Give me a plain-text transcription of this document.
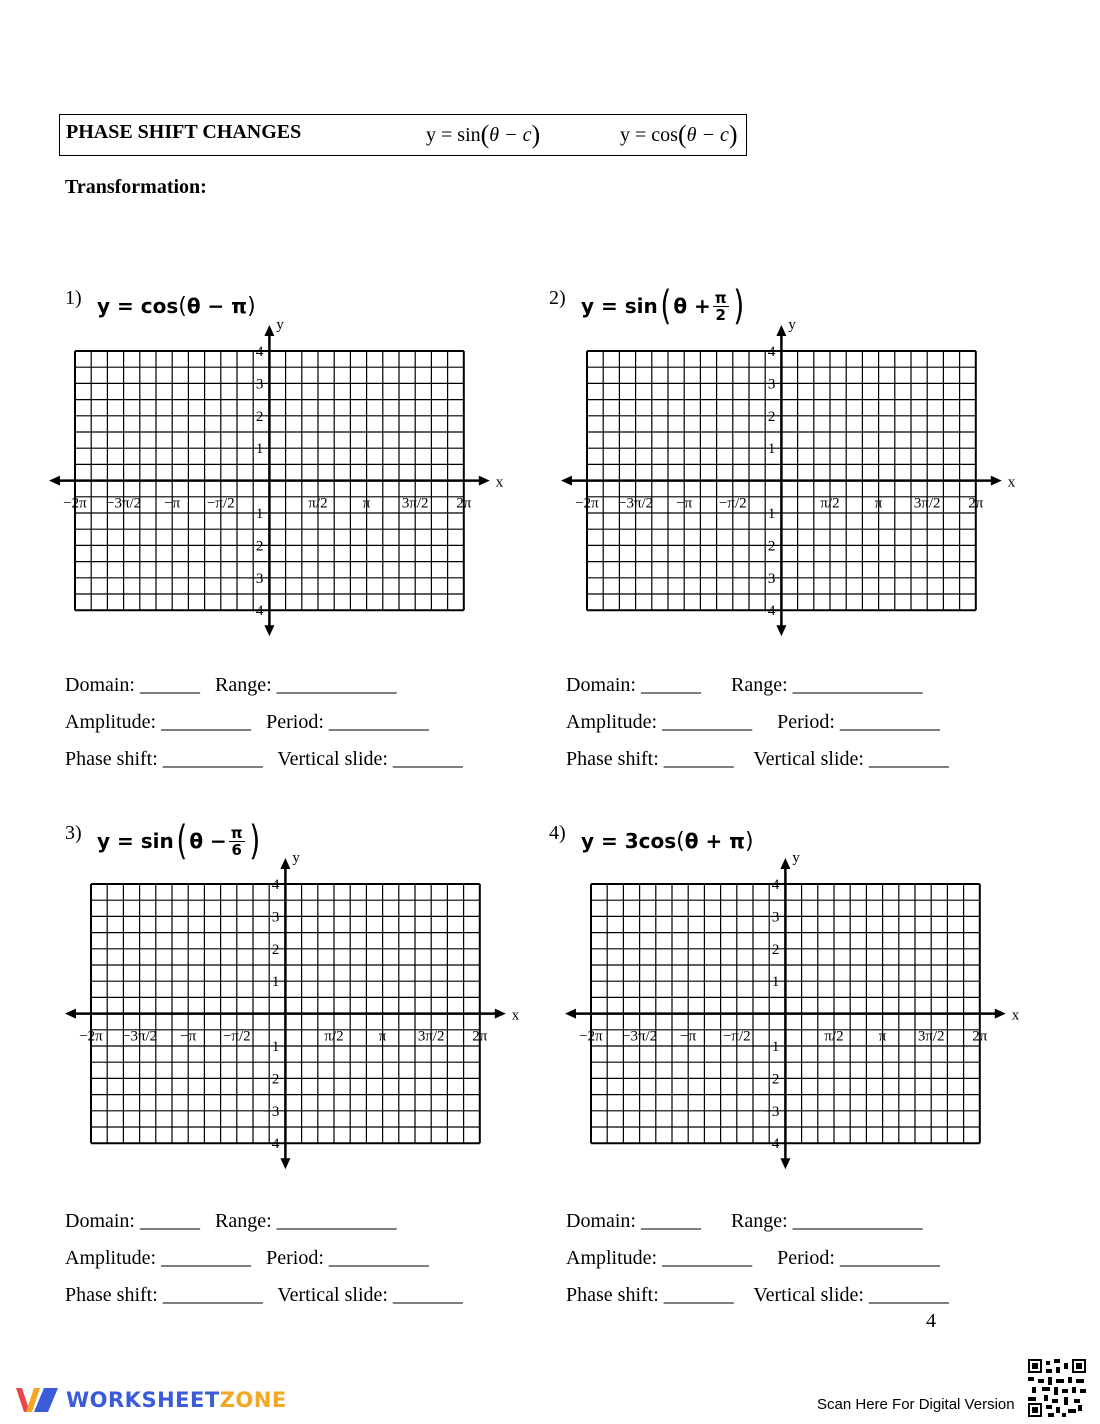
PHASE SHIFT CHANGES	y = sin(θ − c)	y = cos(θ − c)
Transformation:
1) y = cos ( θ − π )
x
y
−2π −3π/2 −π −π/2	π/2 π 3π/2 2π
4
3
2
1
−1
−2
−3
−4
Domain: ______   Range: ____________
Amplitude: _________   Period: __________
Phase shift: __________   Vertical slide: _______
2) y = sin ( $\theta + \frac{\pi}{2}$ )
x
y
−2π −3π/2 −π −π/2	π/2 π 3π/2 2π
4
3
2
1
−1
−2
−3
−4
Domain: ______      Range: _____________
Amplitude: _________     Period: __________
Phase shift: _______    Vertical slide: ________
3) y = sin ( $\theta - \frac{\pi}{6}$ )
x
y
−2π −3π/2 −π −π/2	π/2 π 3π/2 2π
4
3
2
1
−1
−2
−3
−4
Domain: ______   Range: ____________
Amplitude: _________   Period: __________
Phase shift: __________   Vertical slide: _______
4) y = 3cos ( θ + π )
x
y
−2π −3π/2 −π −π/2	π/2 π 3π/2 2π
4
3
2
1
−1
−2
−3
−4
Domain: ______      Range: _____________
Amplitude: _________     Period: __________
Phase shift: _______    Vertical slide: ________
4
WORKSHEETZONE	Scan Here For Digital Version
